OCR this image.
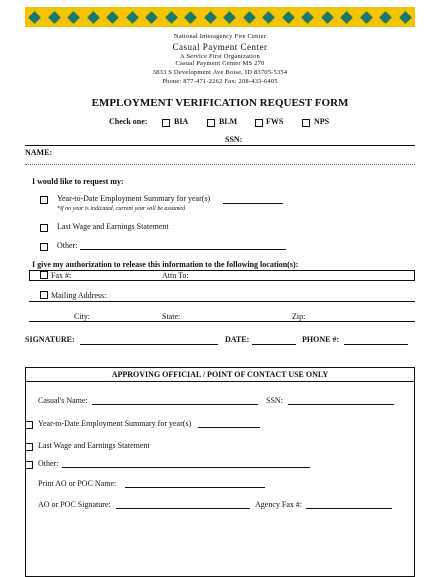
National Interagency Fire Center
Casual Payment Center
A Service First Organization
Casual Payment Center MS 270
3833 S Development Ave Boise, ID 83705-5354
Phone: 877-471-2262 Fax: 208-433-6405
EMPLOYMENT VERIFICATION REQUEST FORM
Check one:	BIA	BLM	FWS	NPS
SSN:
NAME:
I would like to request my:
Year-to-Date Employment Summary for year(s)
*If no year is indicated, current year will be assumed
Last Wage and Earnings Statement
Other:
I give my authorization to release this information to the following location(s):
Fax #:	Attn To:
Mailing Address:
City:	State:	Zip:
SIGNATURE:	DATE:	PHONE #:
APPROVING OFFICIAL / POINT OF CONTACT USE ONLY
Casual's Name:	SSN:
Year-to-Date Employment Summary for year(s)
Last Wage and Earnings Statement
Other:
Print AO or POC Name:
AO or POC Signature:	Agency Fax #:
